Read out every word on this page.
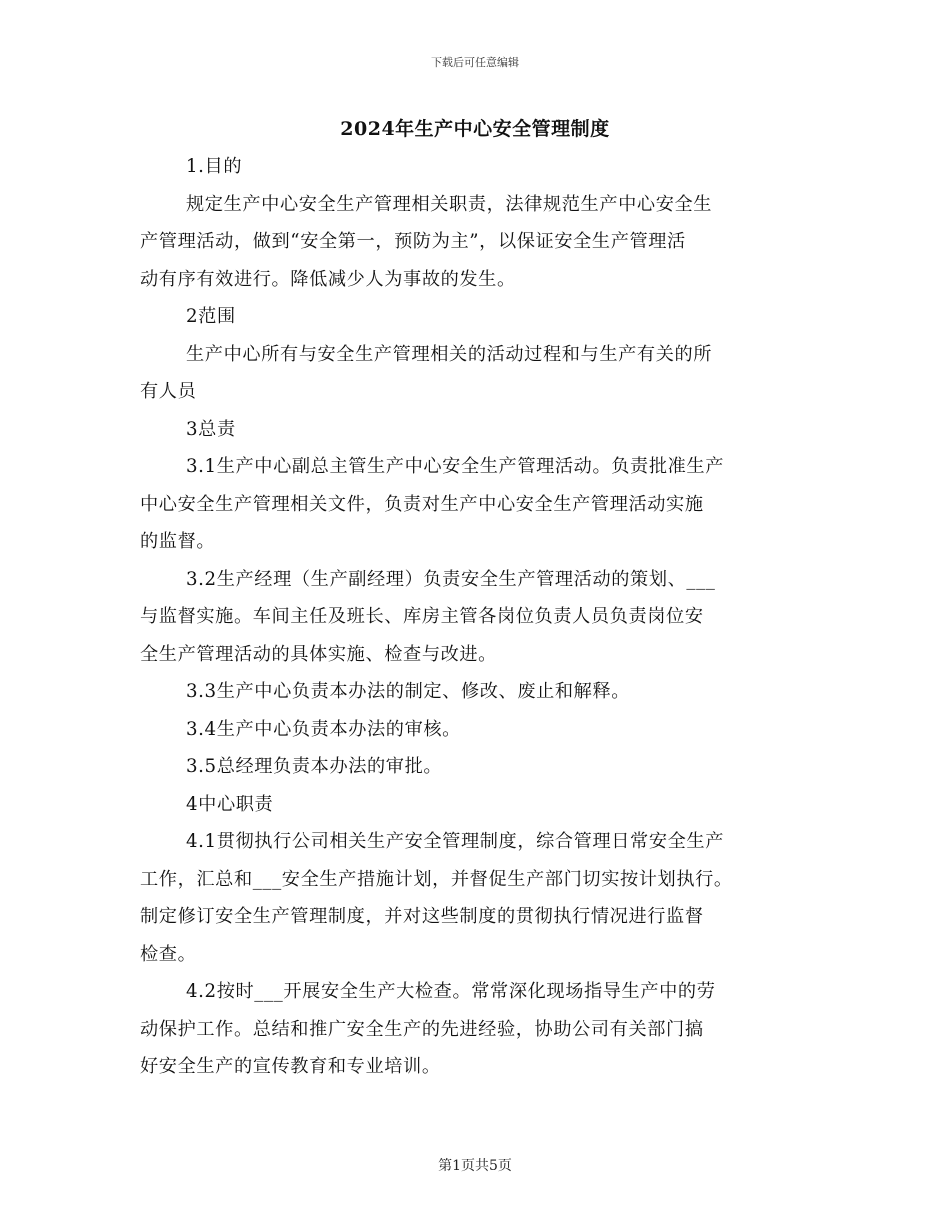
下载后可任意编辑
2024年生产中心安全管理制度

1.目的

规定生产中心安全生产管理相关职责，法律规范生产中心安全生

产管理活动，做到“安全第一，预防为主”，以保证安全生产管理活

动有序有效进行。降低减少人为事故的发生。

2范围

生产中心所有与安全生产管理相关的活动过程和与生产有关的所

有人员

3总责

3.1生产中心副总主管生产中心安全生产管理活动。负责批准生产

中心安全生产管理相关文件，负责对生产中心安全生产管理活动实施

的监督。

3.2生产经理（生产副经理）负责安全生产管理活动的策划、___

与监督实施。车间主任及班长、库房主管各岗位负责人员负责岗位安

全生产管理活动的具体实施、检查与改进。

3.3生产中心负责本办法的制定、修改、废止和解释。

3.4生产中心负责本办法的审核。

3.5总经理负责本办法的审批。

4中心职责

4.1贯彻执行公司相关生产安全管理制度，综合管理日常安全生产

工作，汇总和___安全生产措施计划，并督促生产部门切实按计划执行。

制定修订安全生产管理制度，并对这些制度的贯彻执行情况进行监督

检查。

4.2按时___开展安全生产大检查。常常深化现场指导生产中的劳

动保护工作。总结和推广安全生产的先进经验，协助公司有关部门搞

好安全生产的宣传教育和专业培训。

第1页共5页
